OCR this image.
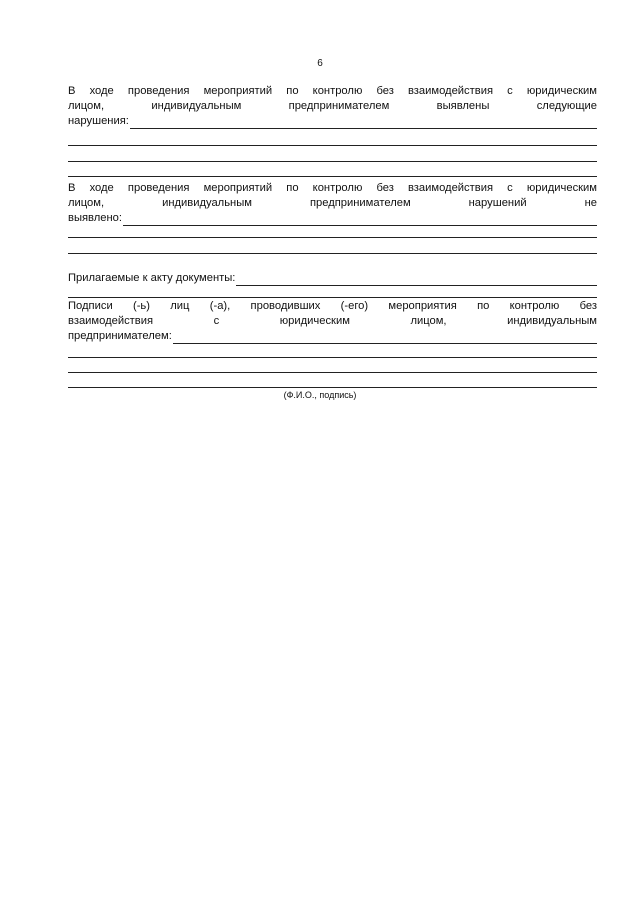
6
В ходе проведения мероприятий по контролю без взаимодействия с юридическим
лицом, индивидуальным предпринимателем выявлены следующие
нарушения:
В ходе проведения мероприятий по контролю без взаимодействия с юридическим
лицом, индивидуальным предпринимателем нарушений не
выявлено:
Прилагаемые к акту документы:
Подписи (-ь) лиц (-а), проводивших (-его) мероприятия по контролю без
взаимодействия с юридическим лицом, индивидуальным
предпринимателем:
(Ф.И.О., подпись)
